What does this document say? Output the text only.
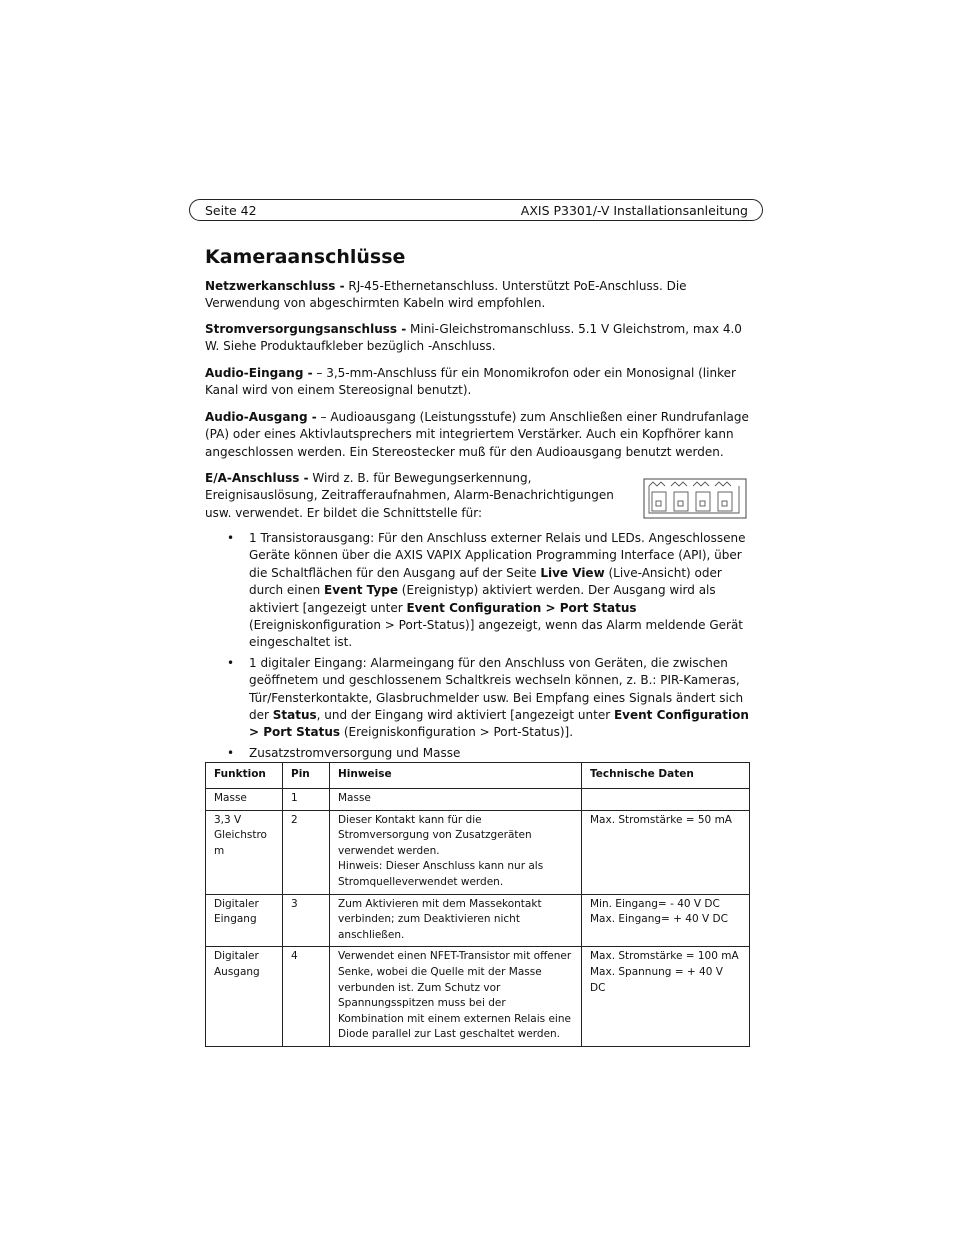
Seite 42	AXIS P3301/-V Installationsanleitung
Kameraanschlüsse

Netzwerkanschluss - RJ-45-Ethernetanschluss. Unterstützt PoE-Anschluss. Die Verwendung von abgeschirmten Kabeln wird empfohlen.

Stromversorgungsanschluss - Mini-Gleichstromanschluss. 5.1 V Gleichstrom, max 4.0 W. Siehe Produktaufkleber bezüglich -Anschluss.

Audio-Eingang - – 3,5-mm-Anschluss für ein Monomikrofon oder ein Monosignal (linker Kanal wird von einem Stereosignal benutzt).

Audio-Ausgang - – Audioausgang (Leistungsstufe) zum Anschließen einer Rundrufanlage (PA) oder eines Aktivlautsprechers mit integriertem Verstärker. Auch ein Kopfhörer kann angeschlossen werden. Ein Stereostecker muß für den Audioausgang benutzt werden.

E/A-Anschluss - Wird z. B. für Bewegungserkennung, Ereignisauslösung, Zeitrafferaufnahmen, Alarm-Benachrichtigungen usw. verwendet. Er bildet die Schnittstelle für:

• 1 Transistorausgang: Für den Anschluss externer Relais und LEDs. Angeschlossene Geräte können über die AXIS VAPIX Application Programming Interface (API), über die Schaltflächen für den Ausgang auf der Seite Live View (Live-Ansicht) oder durch einen Event Type (Ereignistyp) aktiviert werden. Der Ausgang wird als aktiviert [angezeigt unter Event Configuration > Port Status (Ereigniskonfiguration > Port-Status)] angezeigt, wenn das Alarm meldende Gerät eingeschaltet ist.
• 1 digitaler Eingang: Alarmeingang für den Anschluss von Geräten, die zwischen geöffnetem und geschlossenem Schaltkreis wechseln können, z. B.: PIR-Kameras, Tür/Fensterkontakte, Glasbruchmelder usw. Bei Empfang eines Signals ändert sich der Status, und der Eingang wird aktiviert [angezeigt unter Event Configuration > Port Status (Ereigniskonfiguration > Port-Status)].
• Zusatzstromversorgung und Masse
Funktion	Pin	Hinweise	Technische Daten
Masse	1	Masse	

3,3 V Gleichstro m	2	Dieser Kontakt kann für die Stromversorgung von Zusatzgeräten verwendet werden.
Hinweis: Dieser Anschluss kann nur als Stromquelleverwendet werden.	Max. Stromstärke = 50 mA

Digitaler Eingang	3	Zum Aktivieren mit dem Massekontakt verbinden; zum Deaktivieren nicht anschließen.	Min. Eingang= - 40 V DC
Max. Eingang= + 40 V DC

Digitaler Ausgang	4	Verwendet einen NFET-Transistor mit offener Senke, wobei die Quelle mit der Masse verbunden ist. Zum Schutz vor Spannungsspitzen muss bei der Kombination mit einem externen Relais eine Diode parallel zur Last geschaltet werden.	Max. Stromstärke = 100 mA
Max. Spannung = + 40 V DC
